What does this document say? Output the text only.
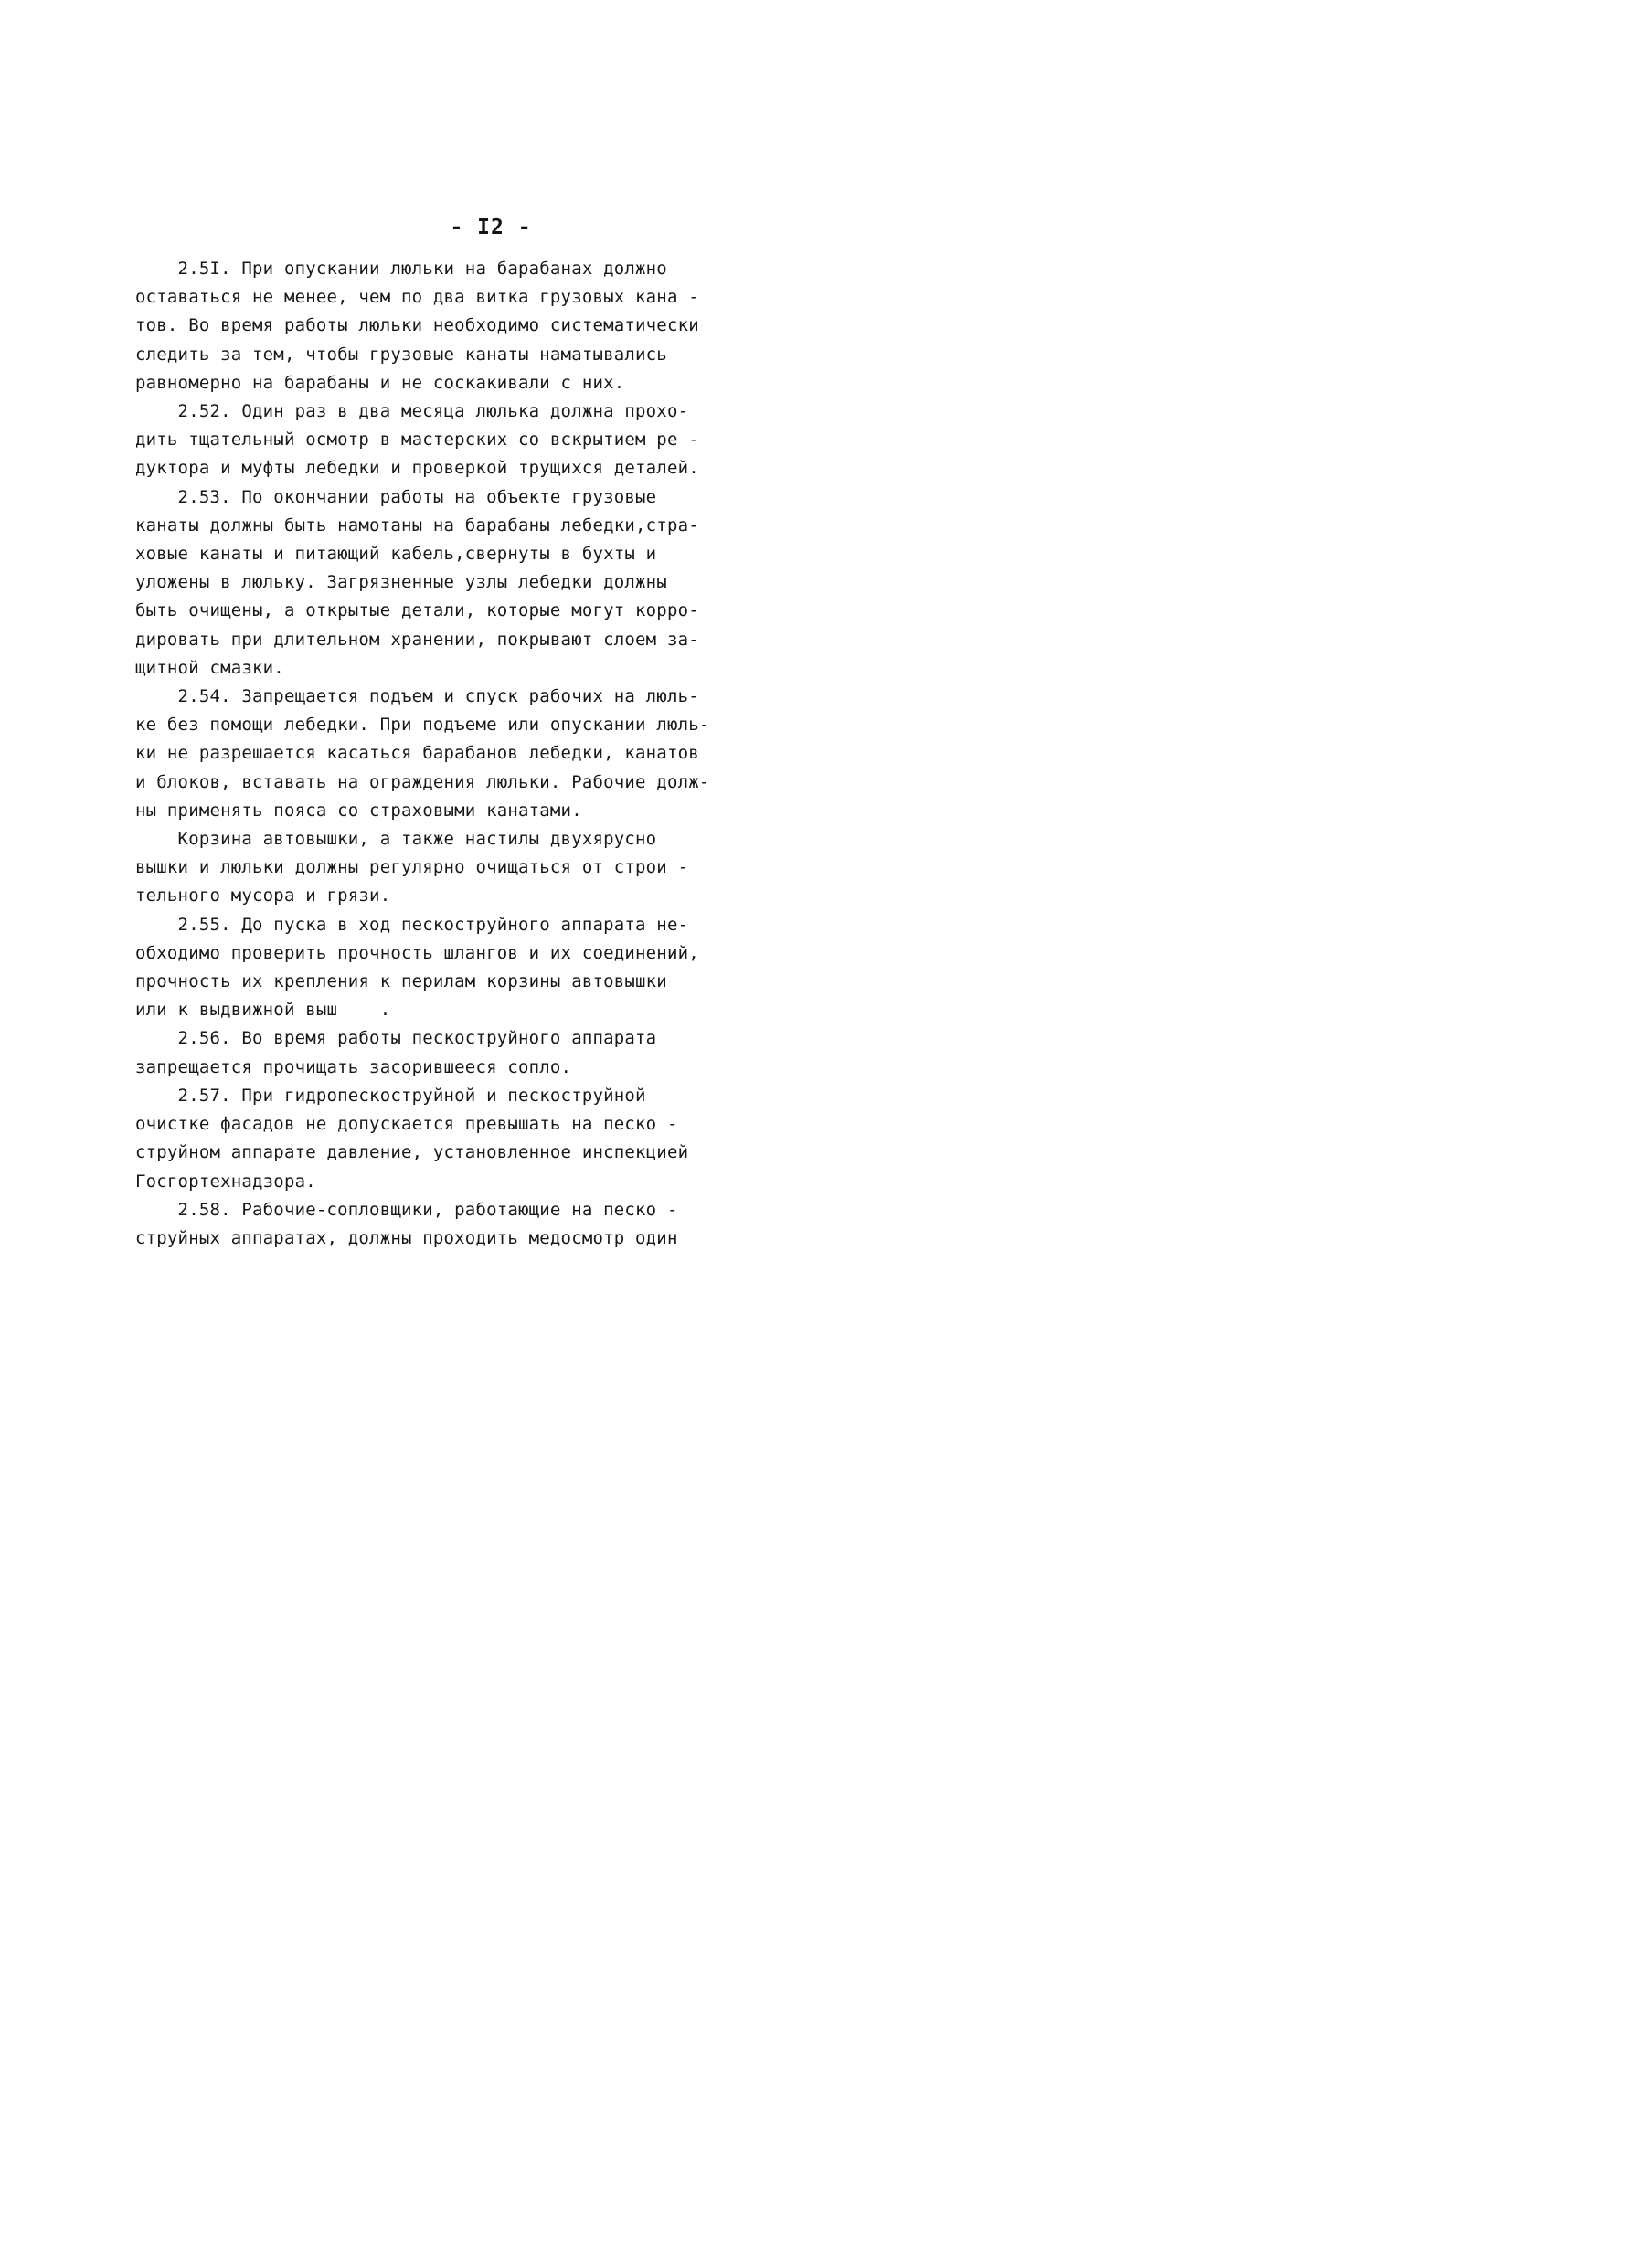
- I2 -
2.5I. При опускании люльки на барабанах должно
оставаться не менее, чем по два витка грузовых кана -
тов. Во время работы люльки необходимо систематически
следить за тем, чтобы грузовые канаты наматывались
равномерно на барабаны и не соскакивали с них.
2.52. Один раз в два месяца люлька должна прохо-
дить тщательный осмотр в мастерских со вскрытием ре -
дуктора и муфты лебедки и проверкой трущихся деталей.
2.53. По окончании работы на объекте грузовые
канаты должны быть намотаны на барабаны лебедки,стра-
ховые канаты и питающий кабель,свернуты в бухты и
уложены в люльку. Загрязненные узлы лебедки должны
быть очищены, а открытые детали, которые могут корро-
дировать при длительном хранении, покрывают слоем за-
щитной смазки.
2.54. Запрещается подъем и спуск рабочих на люль-
ке без помощи лебедки. При подъеме или опускании люль-
ки не разрешается касаться барабанов лебедки, канатов
и блоков, вставать на ограждения люльки. Рабочие долж-
ны применять пояса со страховыми канатами.
Корзина автовышки, а также настилы двухярусно
вышки и люльки должны регулярно очищаться от строи -
тельного мусора и грязи.
2.55. До пуска в ход пескоструйного аппарата не-
обходимо проверить прочность шлангов и их соединений,
прочность их крепления к перилам корзины автовышки
или к выдвижной выш    .
2.56. Во время работы пескоструйного аппарата
запрещается прочищать засорившееся сопло.
2.57. При гидропескоструйной и пескоструйной
очистке фасадов не допускается превышать на песко -
струйном аппарате давление, установленное инспекцией
Госгортехнадзора.
2.58. Рабочие-сопловщики, работающие на песко -
струйных аппаратах, должны проходить медосмотр один
